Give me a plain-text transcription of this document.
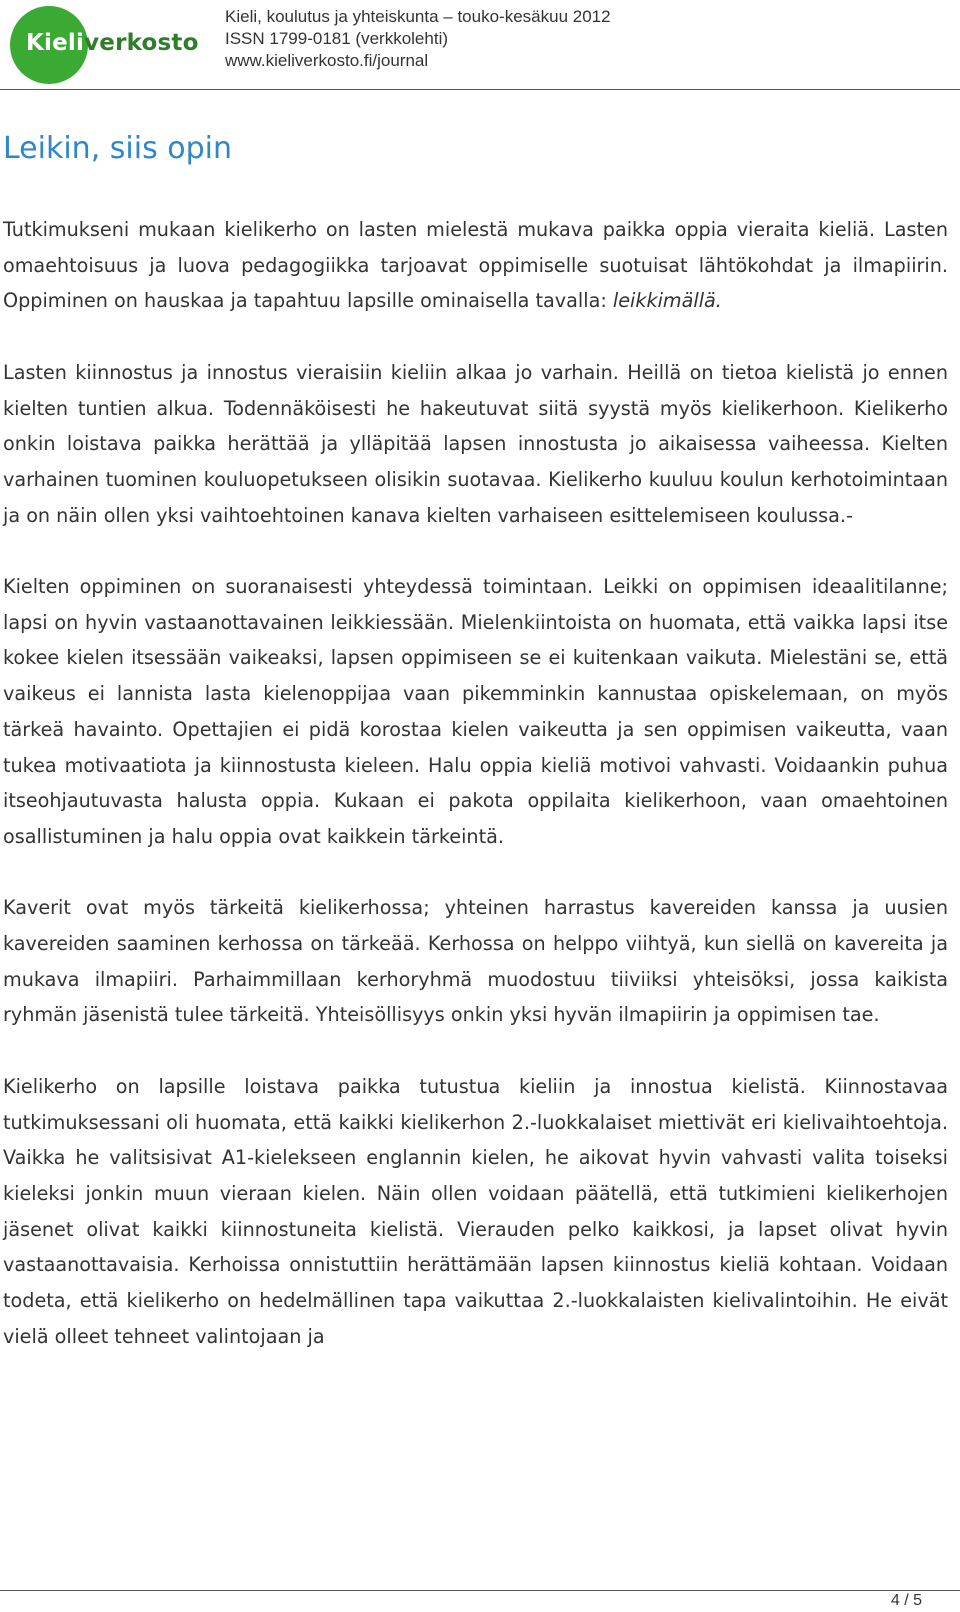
Kieliverkosto
Kieli, koulutus ja yhteiskunta – touko-kesäkuu 2012
ISSN 1799-0181 (verkkolehti)
www.kieliverkosto.fi/journal
Leikin, siis opin

Tutkimukseni mukaan kielikerho on lasten mielestä mukava paikka oppia vieraita kieliä. Lasten omaehtoisuus ja luova pedagogiikka tarjoavat oppimiselle suotuisat lähtökohdat ja ilmapiirin. Oppiminen on hauskaa ja tapahtuu lapsille ominaisella tavalla: leikkimällä.

Lasten kiinnostus ja innostus vieraisiin kieliin alkaa jo varhain. Heillä on tietoa kielistä jo ennen kielten tuntien alkua. Todennäköisesti he hakeutuvat siitä syystä myös kielikerhoon. Kielikerho onkin loistava paikka herättää ja ylläpitää lapsen innostusta jo aikaisessa vaiheessa. Kielten varhainen tuominen kouluopetukseen olisikin suotavaa. Kielikerho kuuluu koulun kerhotoimintaan ja on näin ollen yksi vaihtoehtoinen kanava kielten varhaiseen esittelemiseen koulussa.-

Kielten oppiminen on suoranaisesti yhteydessä toimintaan. Leikki on oppimisen ideaalitilanne; lapsi on hyvin vastaanottavainen leikkiessään. Mielenkiintoista on huomata, että vaikka lapsi itse kokee kielen itsessään vaikeaksi, lapsen oppimiseen se ei kuitenkaan vaikuta. Mielestäni se, että vaikeus ei lannista lasta kielenoppijaa vaan pikemminkin kannustaa opiskelemaan, on myös tärkeä havainto. Opettajien ei pidä korostaa kielen vaikeutta ja sen oppimisen vaikeutta, vaan tukea motivaatiota ja kiinnostusta kieleen. Halu oppia kieliä motivoi vahvasti. Voidaankin puhua itseohjautuvasta halusta oppia. Kukaan ei pakota oppilaita kielikerhoon, vaan omaehtoinen osallistuminen ja halu oppia ovat kaikkein tärkeintä.

Kaverit ovat myös tärkeitä kielikerhossa; yhteinen harrastus kavereiden kanssa ja uusien kavereiden saaminen kerhossa on tärkeää. Kerhossa on helppo viihtyä, kun siellä on kavereita ja mukava ilmapiiri. Parhaimmillaan kerhoryhmä muodostuu tiiviiksi yhteisöksi, jossa kaikista ryhmän jäsenistä tulee tärkeitä. Yhteisöllisyys onkin yksi hyvän ilmapiirin ja oppimisen tae.

Kielikerho on lapsille loistava paikka tutustua kieliin ja innostua kielistä. Kiinnostavaa tutkimuksessani oli huomata, että kaikki kielikerhon 2.-luokkalaiset miettivät eri kielivaihtoehtoja. Vaikka he valitsisivat A1-kielekseen englannin kielen, he aikovat hyvin vahvasti valita toiseksi kieleksi jonkin muun vieraan kielen. Näin ollen voidaan päätellä, että tutkimieni kielikerhojen jäsenet olivat kaikki kiinnostuneita kielistä. Vierauden pelko kaikkosi, ja lapset olivat hyvin vastaanottavaisia. Kerhoissa onnistuttiin herättämään lapsen kiinnostus kieliä kohtaan. Voidaan todeta, että kielikerho on hedelmällinen tapa vaikuttaa 2.-luokkalaisten kielivalintoihin. He eivät vielä olleet tehneet valintojaan ja

4 / 5
